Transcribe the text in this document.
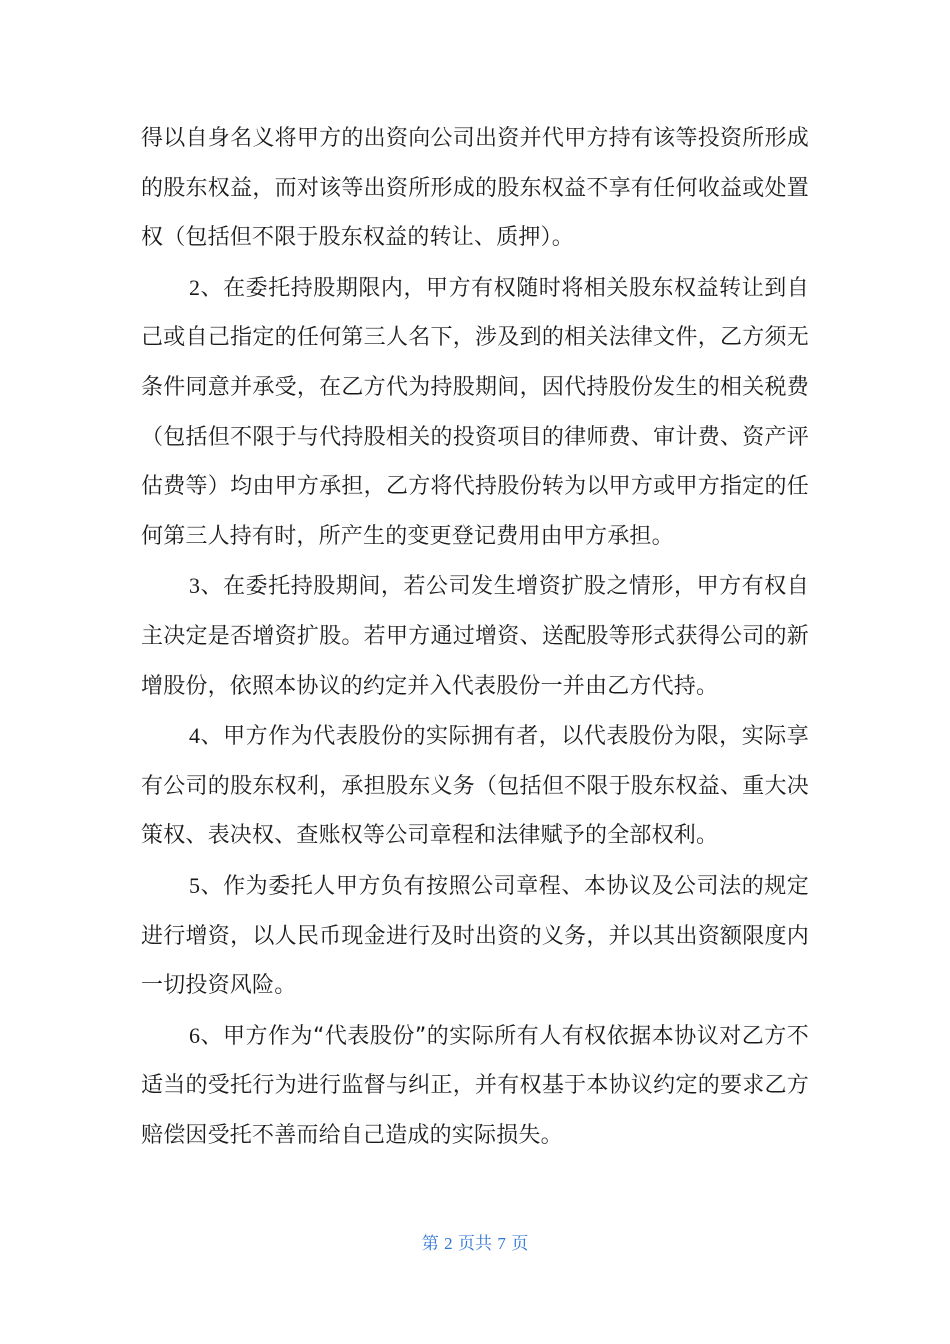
得以自身名义将甲方的出资向公司出资并代甲方持有该等投资所形成的股东权益，而对该等出资所形成的股东权益不享有任何收益或处置权（包括但不限于股东权益的转让、质押）。

2、在委托持股期限内，甲方有权随时将相关股东权益转让到自己或自己指定的任何第三人名下，涉及到的相关法律文件，乙方须无条件同意并承受，在乙方代为持股期间，因代持股份发生的相关税费（包括但不限于与代持股相关的投资项目的律师费、审计费、资产评估费等）均由甲方承担，乙方将代持股份转为以甲方或甲方指定的任何第三人持有时，所产生的变更登记费用由甲方承担。

3、在委托持股期间，若公司发生增资扩股之情形，甲方有权自主决定是否增资扩股。若甲方通过增资、送配股等形式获得公司的新增股份，依照本协议的约定并入代表股份一并由乙方代持。

4、甲方作为代表股份的实际拥有者，以代表股份为限，实际享有公司的股东权利，承担股东义务（包括但不限于股东权益、重大决策权、表决权、查账权等公司章程和法律赋予的全部权利。

5、作为委托人甲方负有按照公司章程、本协议及公司法的规定进行增资，以人民币现金进行及时出资的义务，并以其出资额限度内一切投资风险。

6、甲方作为“代表股份”的实际所有人有权依据本协议对乙方不适当的受托行为进行监督与纠正，并有权基于本协议约定的要求乙方赔偿因受托不善而给自己造成的实际损失。

第 2 页共 7 页
